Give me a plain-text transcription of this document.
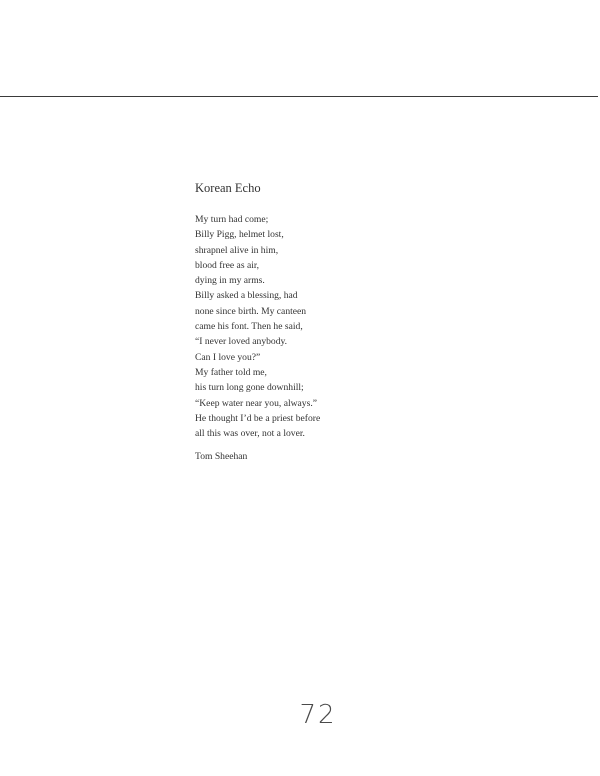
Korean Echo
My turn had come;
Billy Pigg, helmet lost,
shrapnel alive in him,
blood free as air,
dying in my arms.
Billy asked a blessing, had
none since birth. My canteen
came his font. Then he said,
“I never loved anybody.
Can I love you?”
My father told me,
his turn long gone downhill;
“Keep water near you, always.”
He thought I’d be a priest before
all this was over, not a lover.
Tom Sheehan
72
